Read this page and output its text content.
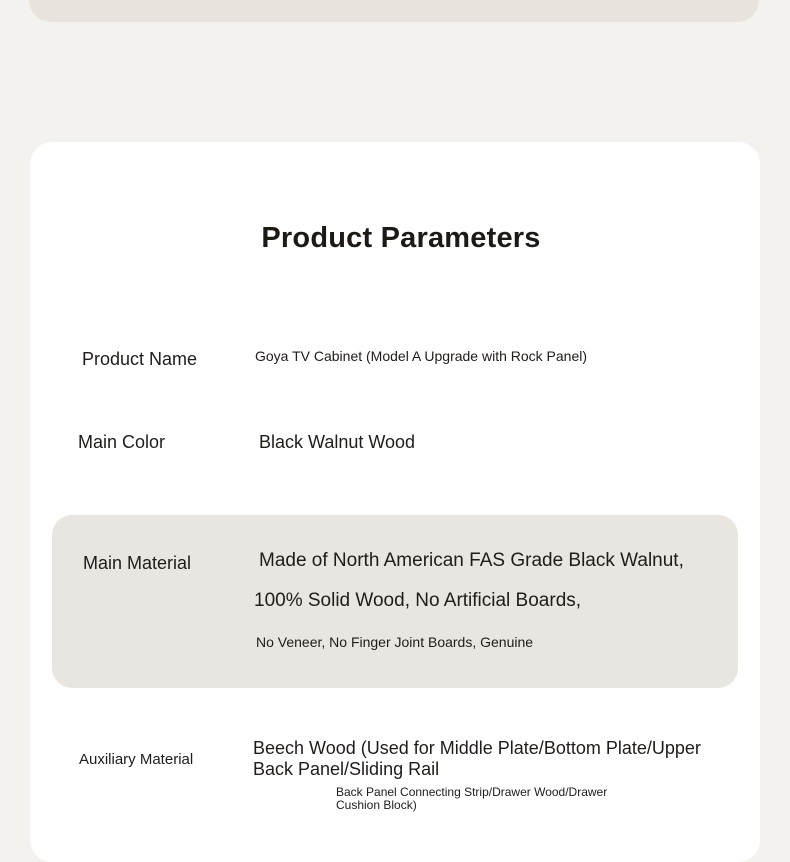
Product Parameters
Product Name	Goya TV Cabinet (Model A Upgrade with Rock Panel)
Main Color	Black Walnut Wood
Main Material	Made of North American FAS Grade Black Walnut,
100% Solid Wood, No Artificial Boards,
No Veneer, No Finger Joint Boards, Genuine
Auxiliary Material
Beech Wood (Used for Middle Plate/Bottom Plate/Upper
Back Panel/Sliding Rail
Back Panel Connecting Strip/Drawer Wood/Drawer
Cushion Block)
